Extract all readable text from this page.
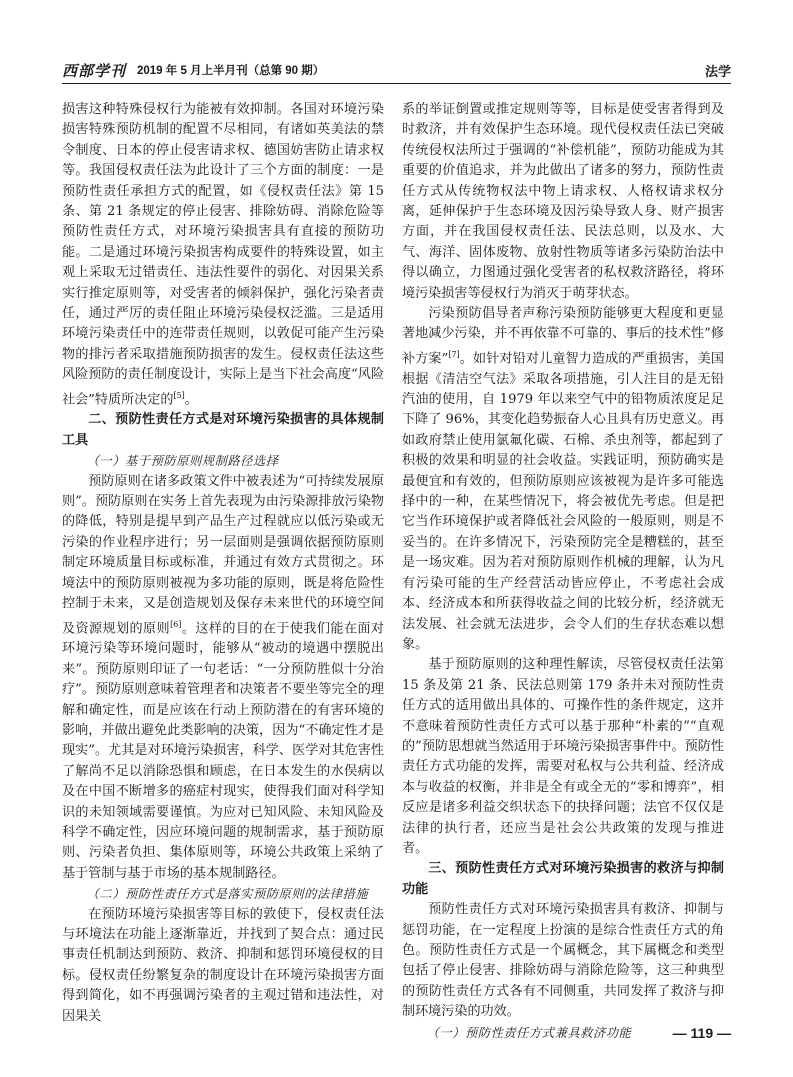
西部学刊 2019 年 5 月上半月刊（总第 90 期）	法学

损害这种特殊侵权行为能被有效抑制。各国对环境污染损害特殊预防机制的配置不尽相同，有诸如英美法的禁令制度、日本的停止侵害请求权、德国妨害防止请求权等。我国侵权责任法为此设计了三个方面的制度：一是预防性责任承担方式的配置，如《侵权责任法》第 15 条、第 21 条规定的停止侵害、排除妨碍、消除危险等预防性责任方式，对环境污染损害具有直接的预防功能。二是通过环境污染损害构成要件的特殊设置，如主观上采取无过错责任、违法性要件的弱化、对因果关系实行推定原则等，对受害者的倾斜保护，强化污染者责任，通过严厉的责任阻止环境污染侵权泛滥。三是适用环境污染责任中的连带责任规则，以敦促可能产生污染物的排污者采取措施预防损害的发生。侵权责任法这些风险预防的责任制度设计，实际上是当下社会高度“风险社会”特质所决定的[5]。

二、预防性责任方式是对环境污染损害的具体规制工具
（一）基于预防原则规制路径选择

预防原则在诸多政策文件中被表述为“可持续发展原则”。预防原则在实务上首先表现为由污染源排放污染物的降低，特别是提早到产品生产过程就应以低污染或无污染的作业程序进行；另一层面则是强调依据预防原则制定环境质量目标或标准，并通过有效方式贯彻之。环境法中的预防原则被视为多功能的原则，既是将危险性控制于未来，又是创造规划及保存未来世代的环境空间及资源规划的原则[6]。这样的目的在于使我们能在面对环境污染等环境问题时，能够从“被动的境遇中摆脱出来”。预防原则印证了一句老话：“一分预防胜似十分治疗”。预防原则意味着管理者和决策者不要坐等完全的理解和确定性，而是应该在行动上预防潜在的有害环境的影响，并做出避免此类影响的决策，因为“不确定性才是现实”。尤其是对环境污染损害，科学、医学对其危害性了解尚不足以消除恐惧和顾虑，在日本发生的水俣病以及在中国不断增多的癌症村现实，使得我们面对科学知识的未知领域需要谨慎。为应对已知风险、未知风险及科学不确定性，因应环境问题的规制需求，基于预防原则、污染者负担、集体原则等，环境公共政策上采纳了基于管制与基于市场的基本规制路径。

（二）预防性责任方式是落实预防原则的法律措施

在预防环境污染损害等目标的敦使下，侵权责任法与环境法在功能上逐渐靠近，并找到了契合点：通过民事责任机制达到预防、救济、抑制和惩罚环境侵权的目标。侵权责任纷繁复杂的制度设计在环境污染损害方面得到简化，如不再强调污染者的主观过错和违法性，对因果关

系的举证倒置或推定规则等等，目标是使受害者得到及时救济，并有效保护生态环境。现代侵权责任法已突破传统侵权法所过于强调的“补偿机能”，预防功能成为其重要的价值追求，并为此做出了诸多的努力，预防性责任方式从传统物权法中物上请求权、人格权请求权分离，延伸保护于生态环境及因污染导致人身、财产损害方面，并在我国侵权责任法、民法总则，以及水、大气、海洋、固体废物、放射性物质等诸多污染防治法中得以确立，力图通过强化受害者的私权救济路径，将环境污染损害等侵权行为消灭于萌芽状态。

污染预防倡导者声称污染预防能够更大程度和更显著地减少污染，并不再依靠不可靠的、事后的技术性“修补方案”[7]。如针对铅对儿童智力造成的严重损害，美国根据《清洁空气法》采取各项措施，引人注目的是无铅汽油的使用，自 1979 年以来空气中的铅物质浓度足足下降了 96%，其变化趋势振奋人心且具有历史意义。再如政府禁止使用氯氟化碳、石棉、杀虫剂等，都起到了积极的效果和明显的社会收益。实践证明，预防确实是最便宜和有效的，但预防原则应该被视为是许多可能选择中的一种，在某些情况下，将会被优先考虑。但是把它当作环境保护或者降低社会风险的一般原则，则是不妥当的。在许多情况下，污染预防完全是糟糕的，甚至是一场灾难。因为若对预防原则作机械的理解，认为凡有污染可能的生产经营活动皆应停止，不考虑社会成本、经济成本和所获得收益之间的比较分析，经济就无法发展、社会就无法进步，会令人们的生存状态难以想象。

基于预防原则的这种理性解读，尽管侵权责任法第 15 条及第 21 条、民法总则第 179 条并未对预防性责任方式的适用做出具体的、可操作性的条件规定，这并不意味着预防性责任方式可以基于那种“朴素的”“直观的”预防思想就当然适用于环境污染损害事件中。预防性责任方式功能的发挥，需要对私权与公共利益、经济成本与收益的权衡，并非是全有或全无的“零和博弈”，相反应是诸多利益交织状态下的抉择问题；法官不仅仅是法律的执行者，还应当是社会公共政策的发现与推进者。

三、预防性责任方式对环境污染损害的救济与抑制功能

预防性责任方式对环境污染损害具有救济、抑制与惩罚功能，在一定程度上扮演的是综合性责任方式的角色。预防性责任方式是一个属概念，其下属概念和类型包括了停止侵害、排除妨碍与消除危险等，这三种典型的预防性责任方式各有不同侧重，共同发挥了救济与抑制环境污染的功效。

（一）预防性责任方式兼具救济功能	— 119 —
